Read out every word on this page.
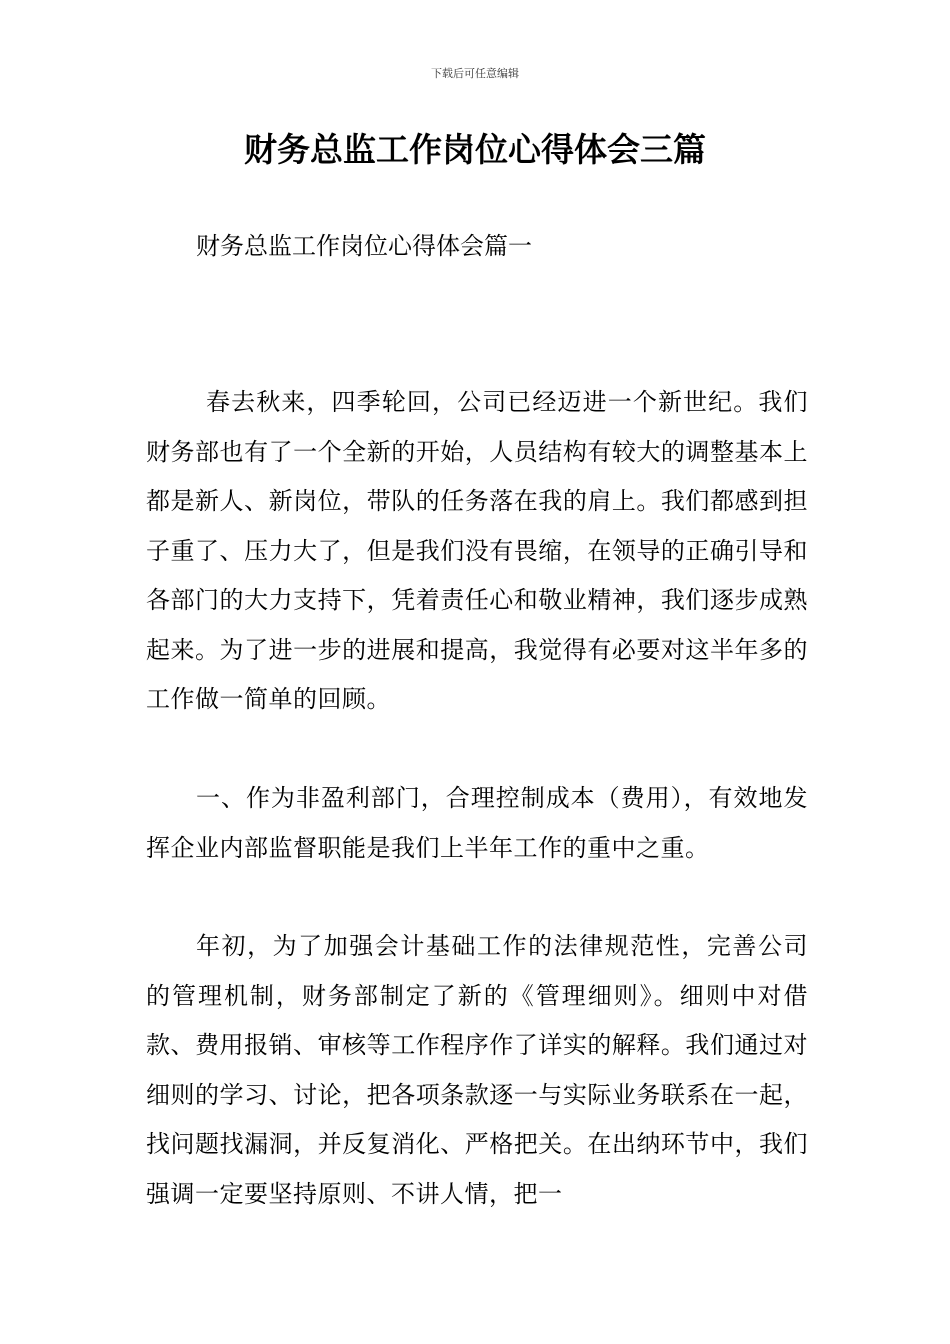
下载后可任意编辑
财务总监工作岗位心得体会三篇

财务总监工作岗位心得体会篇一

春去秋来，四季轮回，公司已经迈进一个新世纪。我们财务部也有了一个全新的开始，人员结构有较大的调整基本上都是新人、新岗位，带队的任务落在我的肩上。我们都感到担子重了、压力大了，但是我们没有畏缩，在领导的正确引导和各部门的大力支持下，凭着责任心和敬业精神，我们逐步成熟起来。为了进一步的进展和提高，我觉得有必要对这半年多的工作做一简单的回顾。

一、作为非盈利部门，合理控制成本（费用），有效地发挥企业内部监督职能是我们上半年工作的重中之重。

年初，为了加强会计基础工作的法律规范性，完善公司的管理机制，财务部制定了新的《管理细则》。细则中对借款、费用报销、审核等工作程序作了详实的解释。我们通过对细则的学习、讨论，把各项条款逐一与实际业务联系在一起，找问题找漏洞，并反复消化、严格把关。在出纳环节中，我们强调一定要坚持原则、不讲人情，把一
